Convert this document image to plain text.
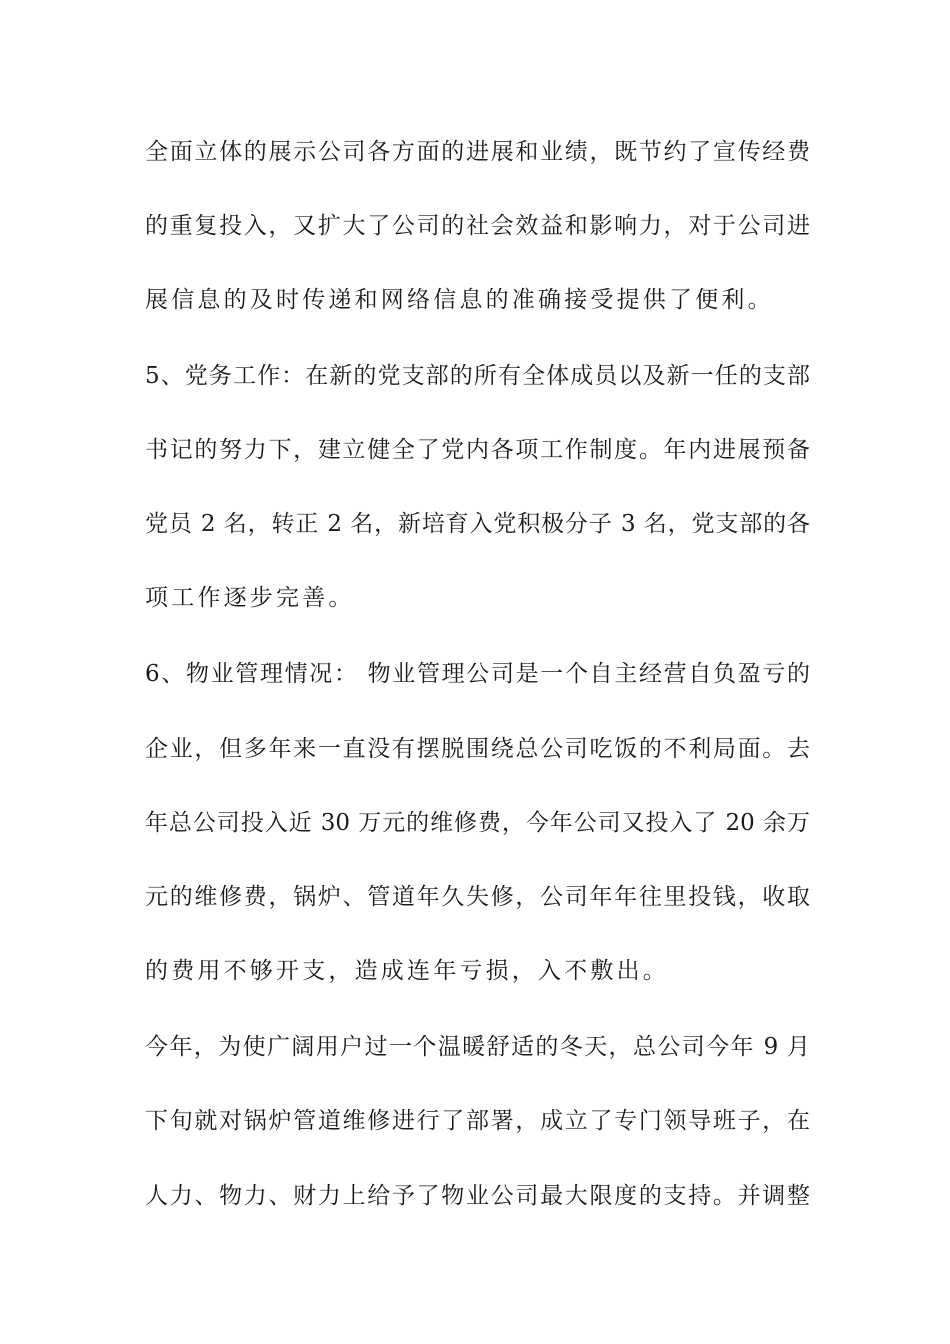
全面立体的展示公司各方面的进展和业绩，既节约了宣传经费
的重复投入，又扩大了公司的社会效益和影响力，对于公司进
展信息的及时传递和网络信息的准确接受提供了便利。
5、党务工作：在新的党支部的所有全体成员以及新一任的支部
书记的努力下，建立健全了党内各项工作制度。年内进展预备
党员 2 名，转正 2 名，新培育入党积极分子 3 名，党支部的各
项工作逐步完善。
6、物业管理情况： 物业管理公司是一个自主经营自负盈亏的
企业，但多年来一直没有摆脱围绕总公司吃饭的不利局面。去
年总公司投入近 30 万元的维修费，今年公司又投入了 20 余万
元的维修费，锅炉、管道年久失修，公司年年往里投钱，收取
的费用不够开支，造成连年亏损，入不敷出。
今年，为使广阔用户过一个温暖舒适的冬天，总公司今年 9 月
下旬就对锅炉管道维修进行了部署，成立了专门领导班子，在
人力、物力、财力上给予了物业公司最大限度的支持。并调整
